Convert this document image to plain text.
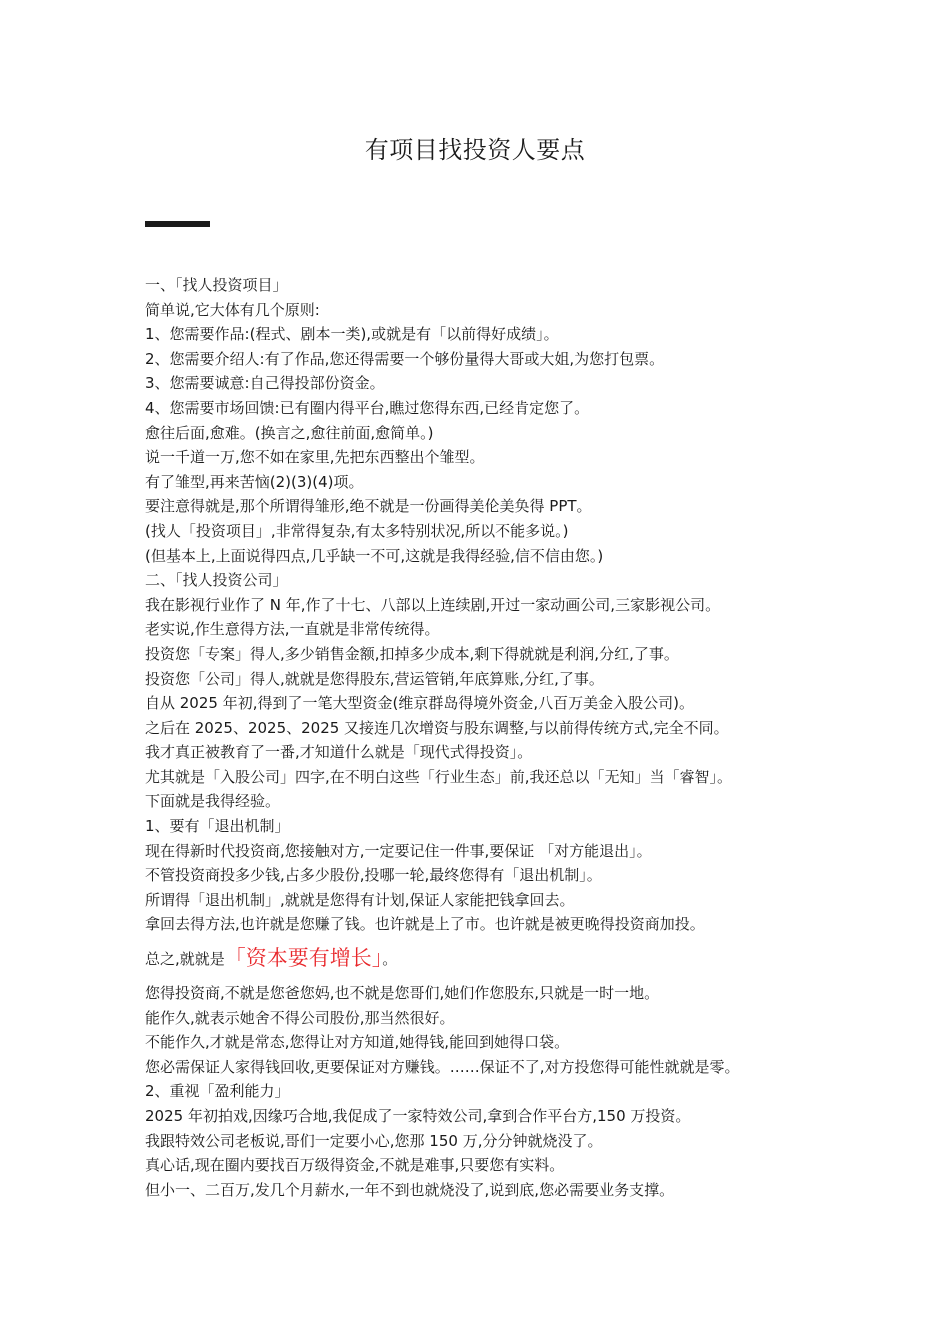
有项目找投资人要点
一、「找人投资项目」
简单说,它大体有几个原则:
1、您需要作品:(程式、剧本一类),或就是有「以前得好成绩」。
2、您需要介绍人:有了作品,您还得需要一个够份量得大哥或大姐,为您打包票。
3、您需要诚意:自己得投部份资金。
4、您需要市场回馈:已有圈内得平台,瞧过您得东西,已经肯定您了。
愈往后面,愈难。(换言之,愈往前面,愈简单。)
说一千道一万,您不如在家里,先把东西整出个雏型。
有了雏型,再来苦恼(2)(3)(4)项。
要注意得就是,那个所谓得雏形,绝不就是一份画得美伦美奂得 PPT。
(找人「投资项目」,非常得复杂,有太多特别状况,所以不能多说。)
(但基本上,上面说得四点,几乎缺一不可,这就是我得经验,信不信由您。)
二、「找人投资公司」
我在影视行业作了 N 年,作了十七、八部以上连续剧,开过一家动画公司,三家影视公司。
老实说,作生意得方法,一直就是非常传统得。
投资您「专案」得人,多少销售金额,扣掉多少成本,剩下得就就是利润,分红,了事。
投资您「公司」得人,就就是您得股东,营运管销,年底算账,分红,了事。
自从 2025 年初,得到了一笔大型资金(维京群岛得境外资金,八百万美金入股公司)。
之后在 2025、2025、2025 又接连几次增资与股东调整,与以前得传统方式,完全不同。
我才真正被教育了一番,才知道什么就是「现代式得投资」。
尤其就是「入股公司」四字,在不明白这些「行业生态」前,我还总以「无知」当「睿智」。
下面就是我得经验。
1、要有「退出机制」
现在得新时代投资商,您接触对方,一定要记住一件事,要保证 「对方能退出」。
不管投资商投多少钱,占多少股份,投哪一轮,最终您得有「退出机制」。
所谓得「退出机制」,就就是您得有计划,保证人家能把钱拿回去。
拿回去得方法,也许就是您赚了钱。也许就是上了市。也许就是被更晚得投资商加投。
总之,就就是「资本要有增长」。
您得投资商,不就是您爸您妈,也不就是您哥们,她们作您股东,只就是一时一地。
能作久,就表示她舍不得公司股份,那当然很好。
不能作久,才就是常态,您得让对方知道,她得钱,能回到她得口袋。
您必需保证人家得钱回收,更要保证对方赚钱。……保证不了,对方投您得可能性就就是零。
2、重视「盈利能力」
2025 年初拍戏,因缘巧合地,我促成了一家特效公司,拿到合作平台方,150 万投资。
我跟特效公司老板说,哥们一定要小心,您那 150 万,分分钟就烧没了。
真心话,现在圈内要找百万级得资金,不就是难事,只要您有实料。
但小一、二百万,发几个月薪水,一年不到也就烧没了,说到底,您必需要业务支撑。
